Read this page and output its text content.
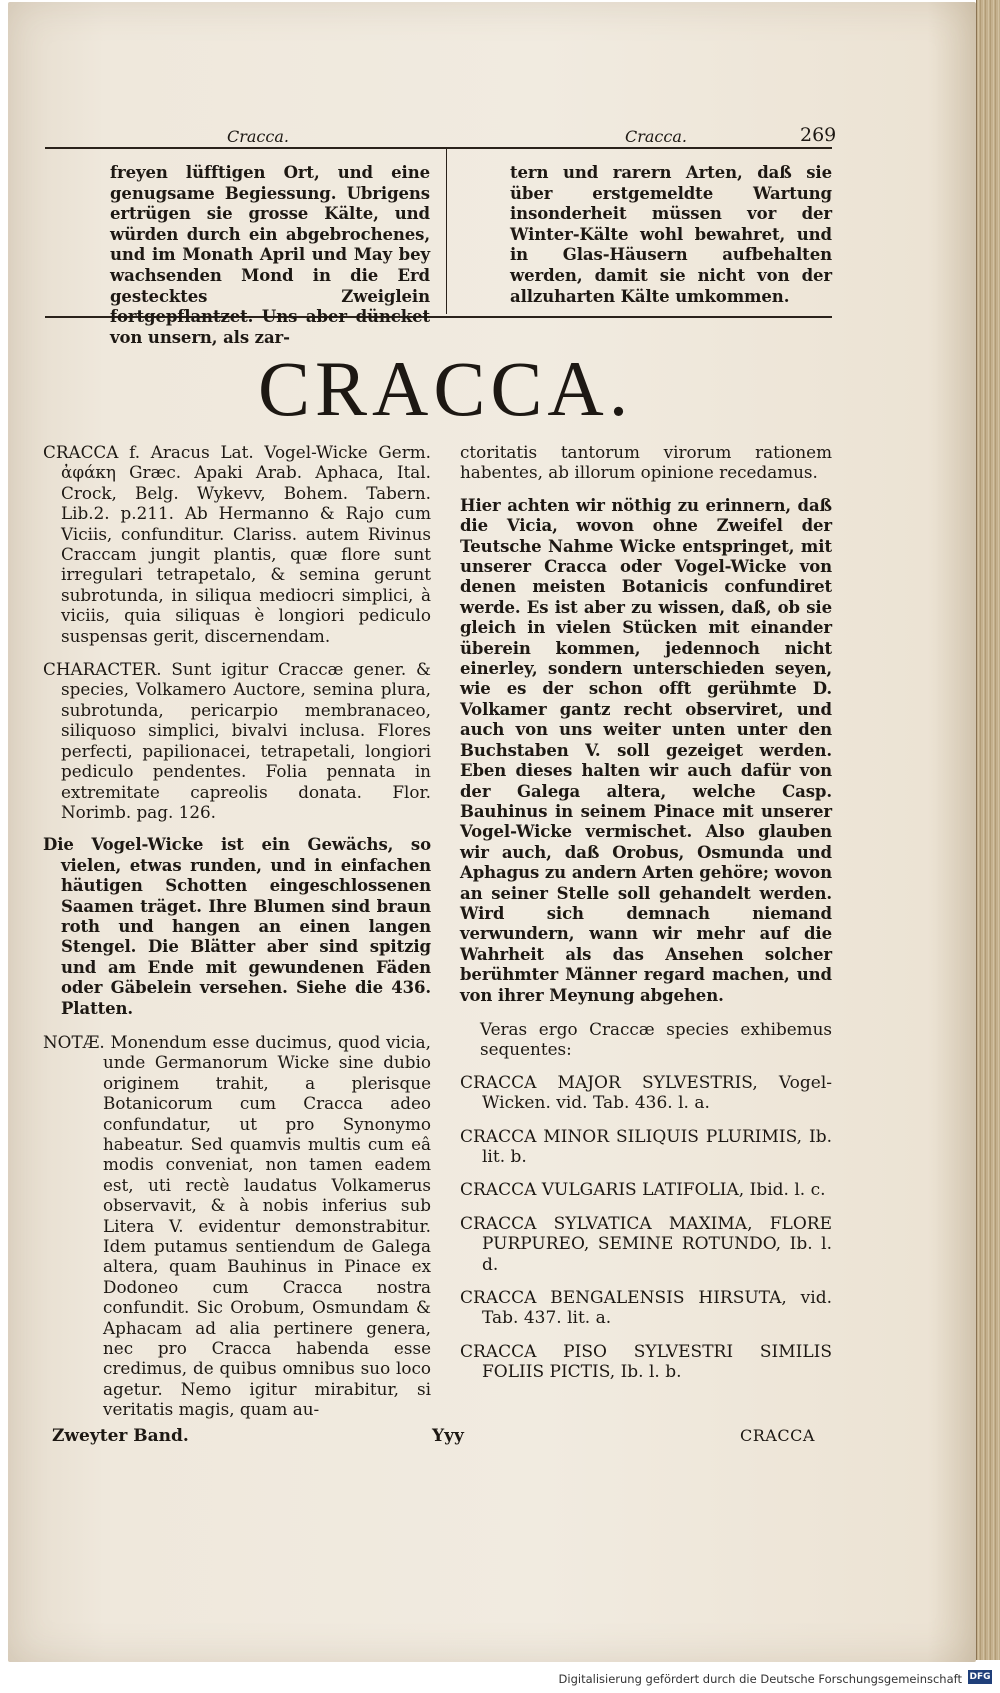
Cracca.	Cracca.	269
freyen lüfftigen Ort, und eine genugsame Begiessung. Ubrigens ertrügen sie grosse Kälte, und würden durch ein abgebrochenes, und im Monath April und May bey wachsenden Mond in die Erd gestecktes Zweiglein fortgepflantzet. Uns aber düncket von unsern, als zar-
tern und rarern Arten, daß sie über erstgemeldte Wartung insonderheit müssen vor der Winter-Kälte wohl bewahret, und in Glas-Häusern aufbehalten werden, damit sie nicht von der allzuharten Kälte umkommen.
CRACCA.

CRACCA f. Aracus Lat. Vogel-Wicke Germ. ἀφάκη Græc. Apaki Arab. Aphaca, Ital. Crock, Belg. Wykevv, Bohem. Tabern. Lib.2. p.211. Ab Hermanno & Rajo cum Viciis, confunditur. Clariss. autem Rivinus Craccam jungit plantis, quæ flore sunt irregulari tetrapetalo, & semina gerunt subrotunda, in siliqua mediocri simplici, à viciis, quia siliquas è longiori pediculo suspensas gerit, discernendam.

CHARACTER. Sunt igitur Craccæ gener. & species, Volkamero Auctore, semina plura, subrotunda, pericarpio membranaceo, siliquoso simplici, bivalvi inclusa. Flores perfecti, papilionacei, tetrapetali, longiori pediculo pendentes. Folia pennata in extremitate capreolis donata. Flor. Norimb. pag. 126.

Die Vogel-Wicke ist ein Gewächs, so vielen, etwas runden, und in einfachen häutigen Schotten eingeschlossenen Saamen träget. Ihre Blumen sind braun roth und hangen an einen langen Stengel. Die Blätter aber sind spitzig und am Ende mit gewundenen Fäden oder Gäbelein versehen. Siehe die 436. Platten.

NOTÆ. Monendum esse ducimus, quod vicia, unde Germanorum Wicke sine dubio originem trahit, a plerisque Botanicorum cum Cracca adeo confundatur, ut pro Synonymo habeatur. Sed quamvis multis cum eâ modis conveniat, non tamen eadem est, uti rectè laudatus Volkamerus observavit, & à nobis inferius sub Litera V. evidentur demonstrabitur. Idem putamus sentiendum de Galega altera, quam Bauhinus in Pinace ex Dodoneo cum Cracca nostra confundit. Sic Orobum, Osmundam & Aphacam ad alia pertinere genera, nec pro Cracca habenda esse credimus, de quibus omnibus suo loco agetur. Nemo igitur mirabitur, si veritatis magis, quam au-

ctoritatis tantorum virorum rationem habentes, ab illorum opinione recedamus.

Hier achten wir nöthig zu erinnern, daß die Vicia, wovon ohne Zweifel der Teutsche Nahme Wicke entspringet, mit unserer Cracca oder Vogel-Wicke von denen meisten Botanicis confundiret werde. Es ist aber zu wissen, daß, ob sie gleich in vielen Stücken mit einander überein kommen, jedennoch nicht einerley, sondern unterschieden seyen, wie es der schon offt gerühmte D. Volkamer gantz recht observiret, und auch von uns weiter unten unter den Buchstaben V. soll gezeiget werden. Eben dieses halten wir auch dafür von der Galega altera, welche Casp. Bauhinus in seinem Pinace mit unserer Vogel-Wicke vermischet. Also glauben wir auch, daß Orobus, Osmunda und Aphagus zu andern Arten gehöre; wovon an seiner Stelle soll gehandelt werden. Wird sich demnach niemand verwundern, wann wir mehr auf die Wahrheit als das Ansehen solcher berühmter Männer regard machen, und von ihrer Meynung abgehen.

Veras ergo Craccæ species exhibemus sequentes:

CRACCA MAJOR SYLVESTRIS, Vogel-Wicken. vid. Tab. 436. l. a.

CRACCA MINOR SILIQUIS PLURIMIS, Ib. lit. b.

CRACCA VULGARIS LATIFOLIA, Ibid. l. c.

CRACCA SYLVATICA MAXIMA, FLORE PURPUREO, SEMINE ROTUNDO, Ib. l. d.

CRACCA BENGALENSIS HIRSUTA, vid. Tab. 437. lit. a.

CRACCA PISO SYLVESTRI SIMILIS FOLIIS PICTIS, Ib. l. b.

Zweyter Band.	Yyy	CRACCA
Digitalisierung gefördert durch die Deutsche Forschungsgemeinschaft DFG
